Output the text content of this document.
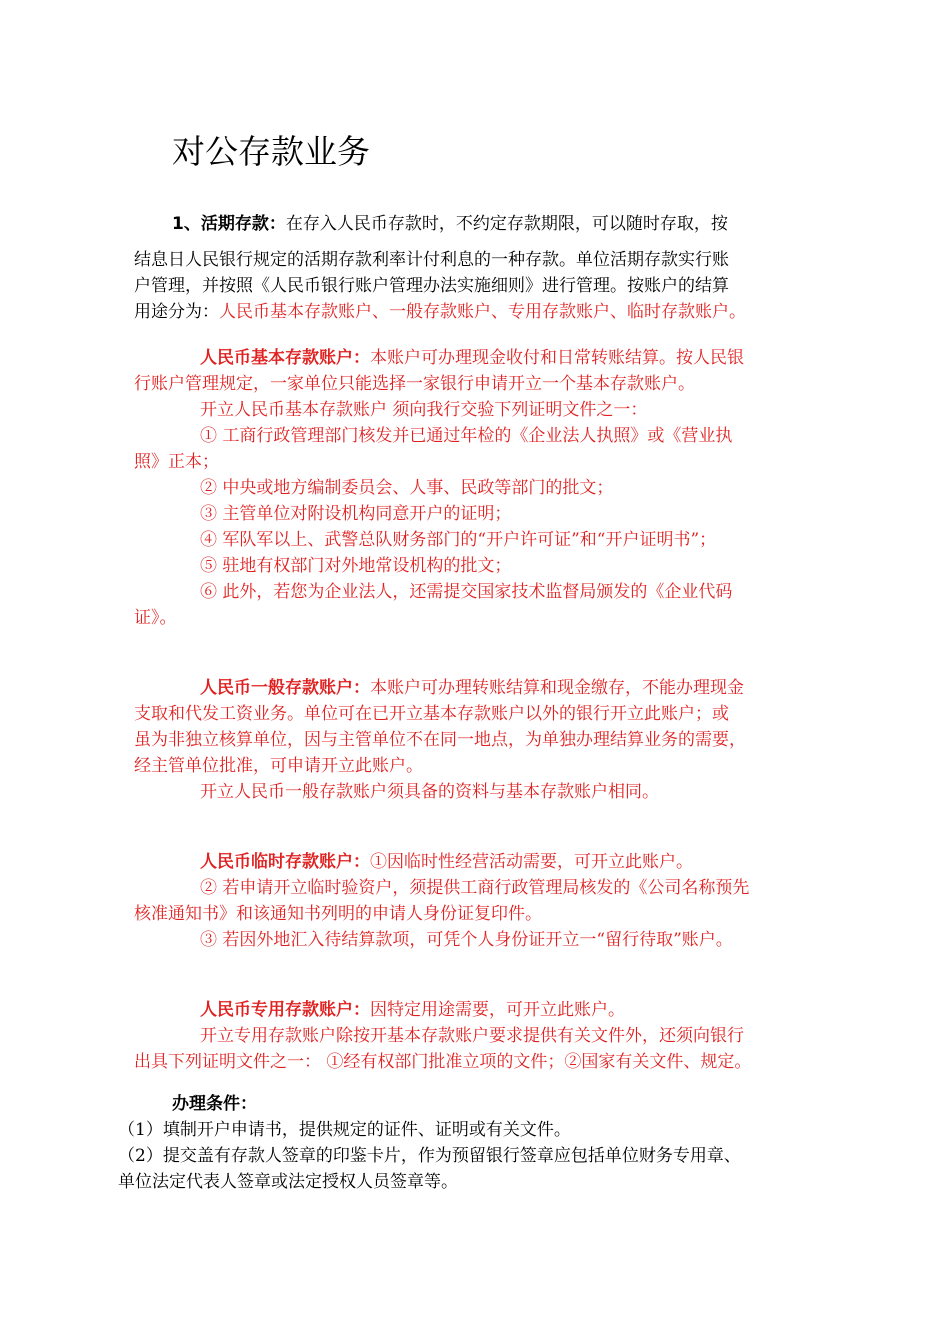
对公存款业务
1、活期存款：在存入人民币存款时，不约定存款期限，可以随时存取，按
结息日人民银行规定的活期存款利率计付利息的一种存款。单位活期存款实行账
户管理，并按照《人民币银行账户管理办法实施细则》进行管理。按账户的结算
用途分为：人民币基本存款账户、一般存款账户、专用存款账户、临时存款账户。
人民币基本存款账户：本账户可办理现金收付和日常转账结算。按人民银
行账户管理规定，一家单位只能选择一家银行申请开立一个基本存款账户。
开立人民币基本存款账户 须向我行交验下列证明文件之一：
① 工商行政管理部门核发并已通过年检的《企业法人执照》或《营业执
照》正本；
② 中央或地方编制委员会、人事、民政等部门的批文；
③ 主管单位对附设机构同意开户的证明；
④ 军队军以上、武警总队财务部门的“开户许可证”和“开户证明书”；
⑤ 驻地有权部门对外地常设机构的批文；
⑥ 此外，若您为企业法人，还需提交国家技术监督局颁发的《企业代码
证》。
人民币一般存款账户：本账户可办理转账结算和现金缴存，不能办理现金
支取和代发工资业务。单位可在已开立基本存款账户以外的银行开立此账户；或
虽为非独立核算单位，因与主管单位不在同一地点，为单独办理结算业务的需要，
经主管单位批准，可申请开立此账户。
开立人民币一般存款账户须具备的资料与基本存款账户相同。
人民币临时存款账户：①因临时性经营活动需要，可开立此账户。
② 若申请开立临时验资户，须提供工商行政管理局核发的《公司名称预先
核准通知书》和该通知书列明的申请人身份证复印件。
③ 若因外地汇入待结算款项，可凭个人身份证开立一“留行待取”账户。
人民币专用存款账户：因特定用途需要，可开立此账户。
开立专用存款账户除按开基本存款账户要求提供有关文件外，还须向银行
出具下列证明文件之一： ①经有权部门批准立项的文件；②国家有关文件、规定。
办理条件：
（1）填制开户申请书，提供规定的证件、证明或有关文件。
（2）提交盖有存款人签章的印鉴卡片，作为预留银行签章应包括单位财务专用章、
单位法定代表人签章或法定授权人员签章等。
